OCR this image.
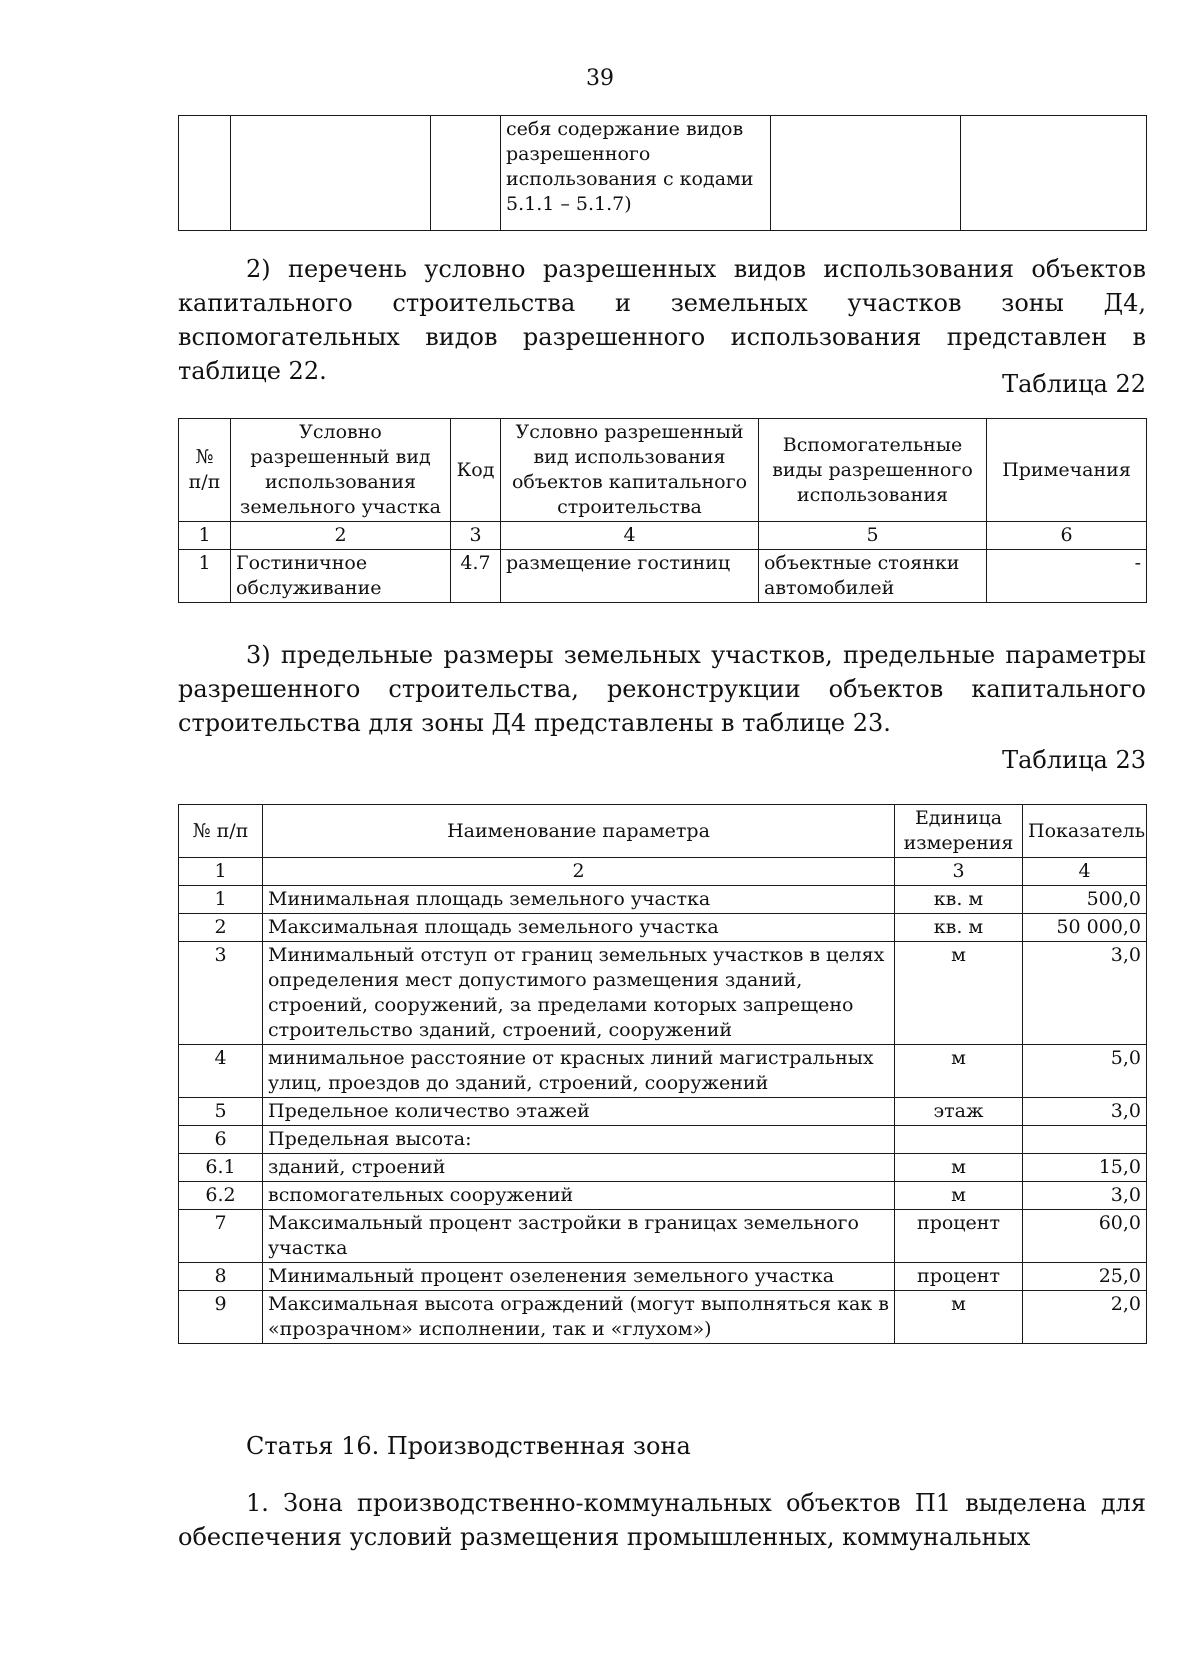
39
			себя содержание видов разрешенного использования с кодами 5.1.1 – 5.1.7)		

2) перечень условно разрешенных видов использования объектов капитального строительства и земельных участков зоны Д4, вспомогательных видов разрешенного использования представлен в таблице 22.	Таблица 22
№ п/п	Условно разрешенный вид использования земельного участка	Код	Условно разрешенный вид использования объектов капитального строительства	Вспомогательные виды разрешенного использования	Примечания
1	2	3	4	5	6
1	Гостиничное обслуживание	4.7	размещение гостиниц	объектные стоянки автомобилей	-

3) предельные размеры земельных участков, предельные параметры разрешенного строительства, реконструкции объектов капитального строительства для зоны Д4 представлены в таблице 23.

Таблица 23
№ п/п	Наименование параметра	Единица измерения	Показатель
1	2	3	4
1	Минимальная площадь земельного участка	кв. м	500,0
2	Максимальная площадь земельного участка	кв. м	50 000,0
3	Минимальный отступ от границ земельных участков в целях определения мест допустимого размещения зданий, строений, сооружений, за пределами которых запрещено строительство зданий, строений, сооружений	м	3,0
4	минимальное расстояние от красных линий магистральных улиц, проездов до зданий, строений, сооружений	м	5,0
5	Предельное количество этажей	этаж	3,0
6	Предельная высота:		
6.1	зданий, строений	м	15,0
6.2	вспомогательных сооружений	м	3,0
7	Максимальный процент застройки в границах земельного участка	процент	60,0
8	Минимальный процент озеленения земельного участка	процент	25,0
9	Максимальная высота ограждений (могут выполняться как в «прозрачном» исполнении, так и «глухом»)	м	2,0
Статья 16. Производственная зона

1. Зона производственно-коммунальных объектов П1 выделена для обеспечения условий размещения промышленных, коммунальных
